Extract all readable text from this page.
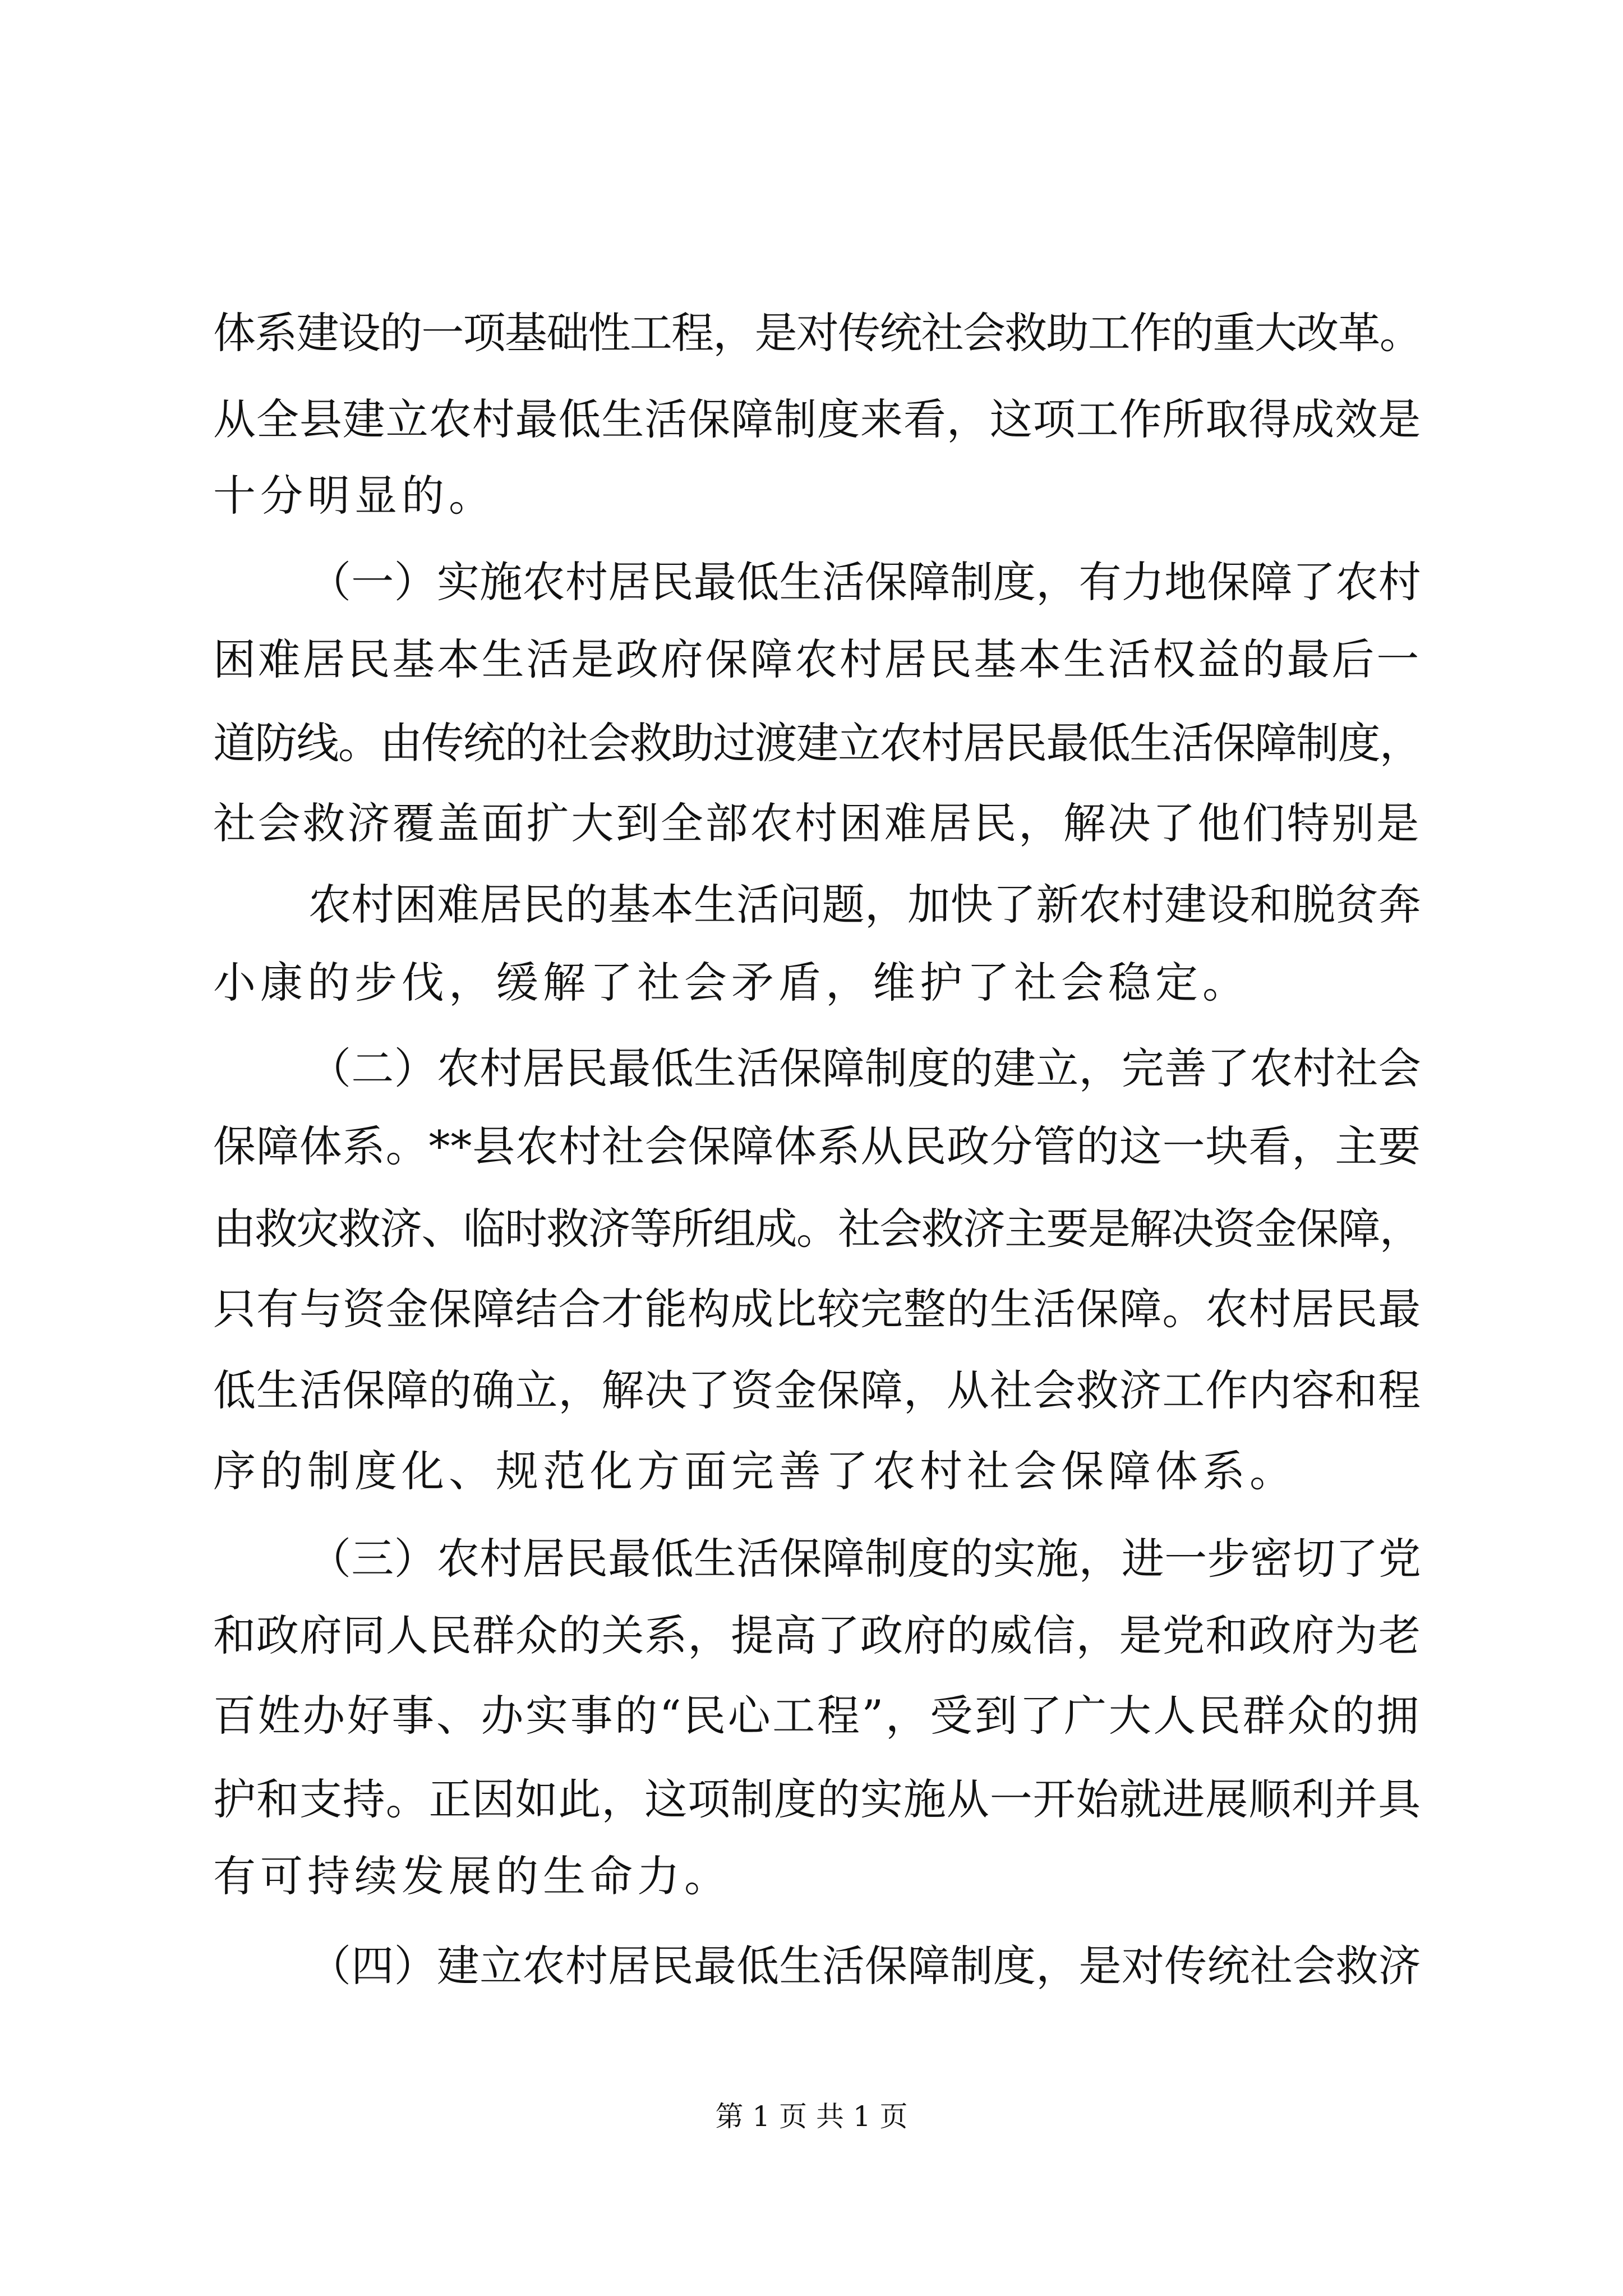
体系建设的一项基础性工程，是对传统社会救助工作的重大改革。
从全县建立农村最低生活保障制度来看，这项工作所取得成效是
十分明显的。
（一）实施农村居民最低生活保障制度，有力地保障了农村
困难居民基本生活是政府保障农村居民基本生活权益的最后一
道防线。由传统的社会救助过渡建立农村居民最低生活保障制度，
社会救济覆盖面扩大到全部农村困难居民，解决了他们特别是
农村困难居民的基本生活问题，加快了新农村建设和脱贫奔
小康的步伐，缓解了社会矛盾，维护了社会稳定。
（二）农村居民最低生活保障制度的建立，完善了农村社会
保障体系。**县农村社会保障体系从民政分管的这一块看，主要
由救灾救济、临时救济等所组成。社会救济主要是解决资金保障，
只有与资金保障结合才能构成比较完整的生活保障。农村居民最
低生活保障的确立，解决了资金保障，从社会救济工作内容和程
序的制度化、规范化方面完善了农村社会保障体系。
（三）农村居民最低生活保障制度的实施，进一步密切了党
和政府同人民群众的关系，提高了政府的威信，是党和政府为老
百姓办好事、办实事的“民心工程”，受到了广大人民群众的拥
护和支持。正因如此，这项制度的实施从一开始就进展顺利并具
有可持续发展的生命力。
（四）建立农村居民最低生活保障制度，是对传统社会救济
第 1 页 共 1 页
